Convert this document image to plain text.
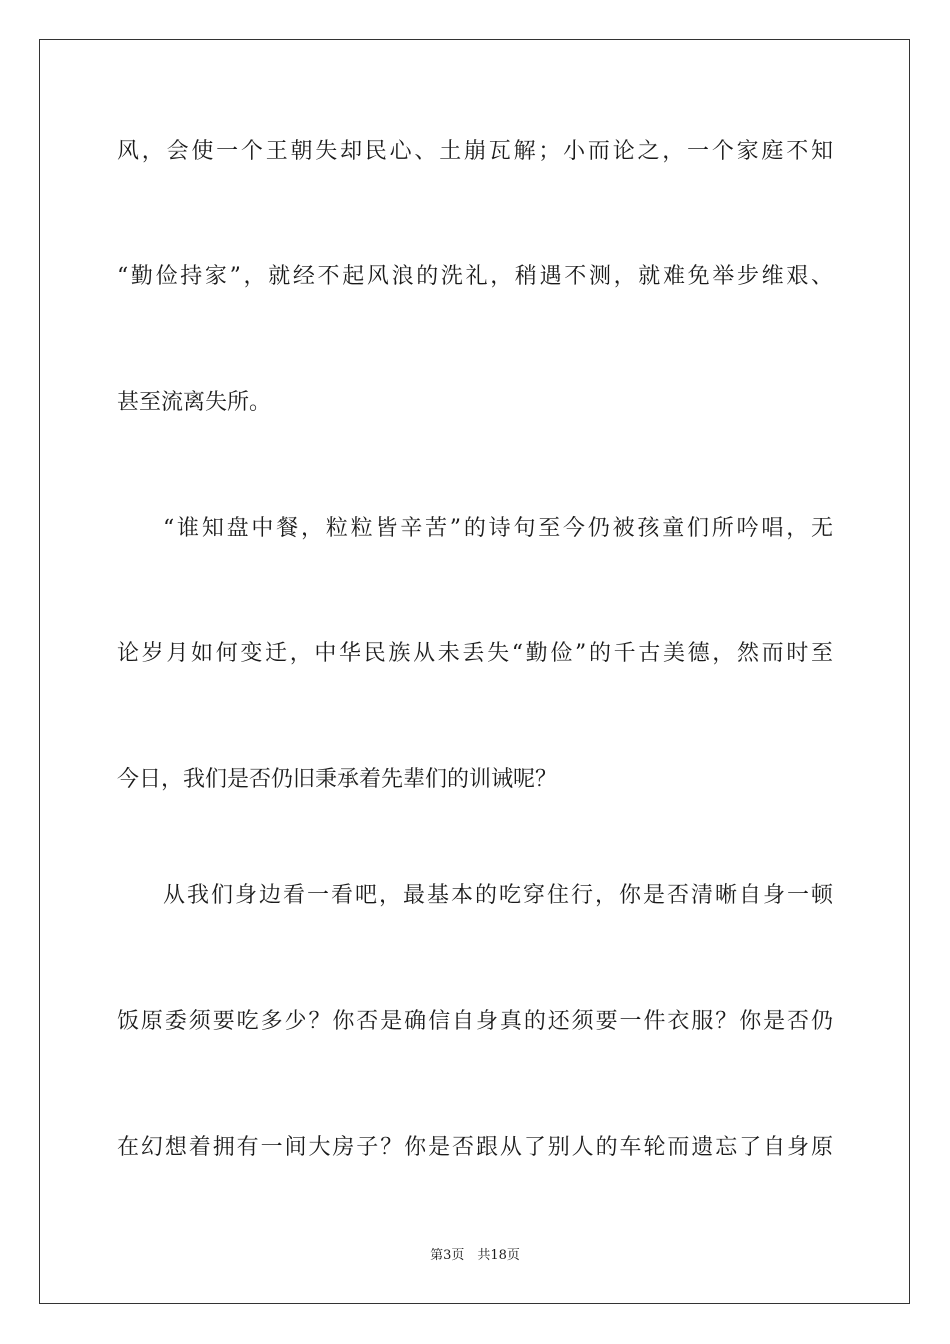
风，会使一个王朝失却民心、土崩瓦解；小而论之，一个家庭不知
“勤俭持家”，就经不起风浪的洗礼，稍遇不测，就难免举步维艰、
甚至流离失所。
“谁知盘中餐，粒粒皆辛苦”的诗句至今仍被孩童们所吟唱，无
论岁月如何变迁，中华民族从未丢失“勤俭”的千古美德，然而时至
今日，我们是否仍旧秉承着先辈们的训诫呢？
从我们身边看一看吧，最基本的吃穿住行，你是否清晰自身一顿
饭原委须要吃多少？你否是确信自身真的还须要一件衣服？你是否仍
在幻想着拥有一间大房子？你是否跟从了别人的车轮而遗忘了自身原
第3页　共18页
